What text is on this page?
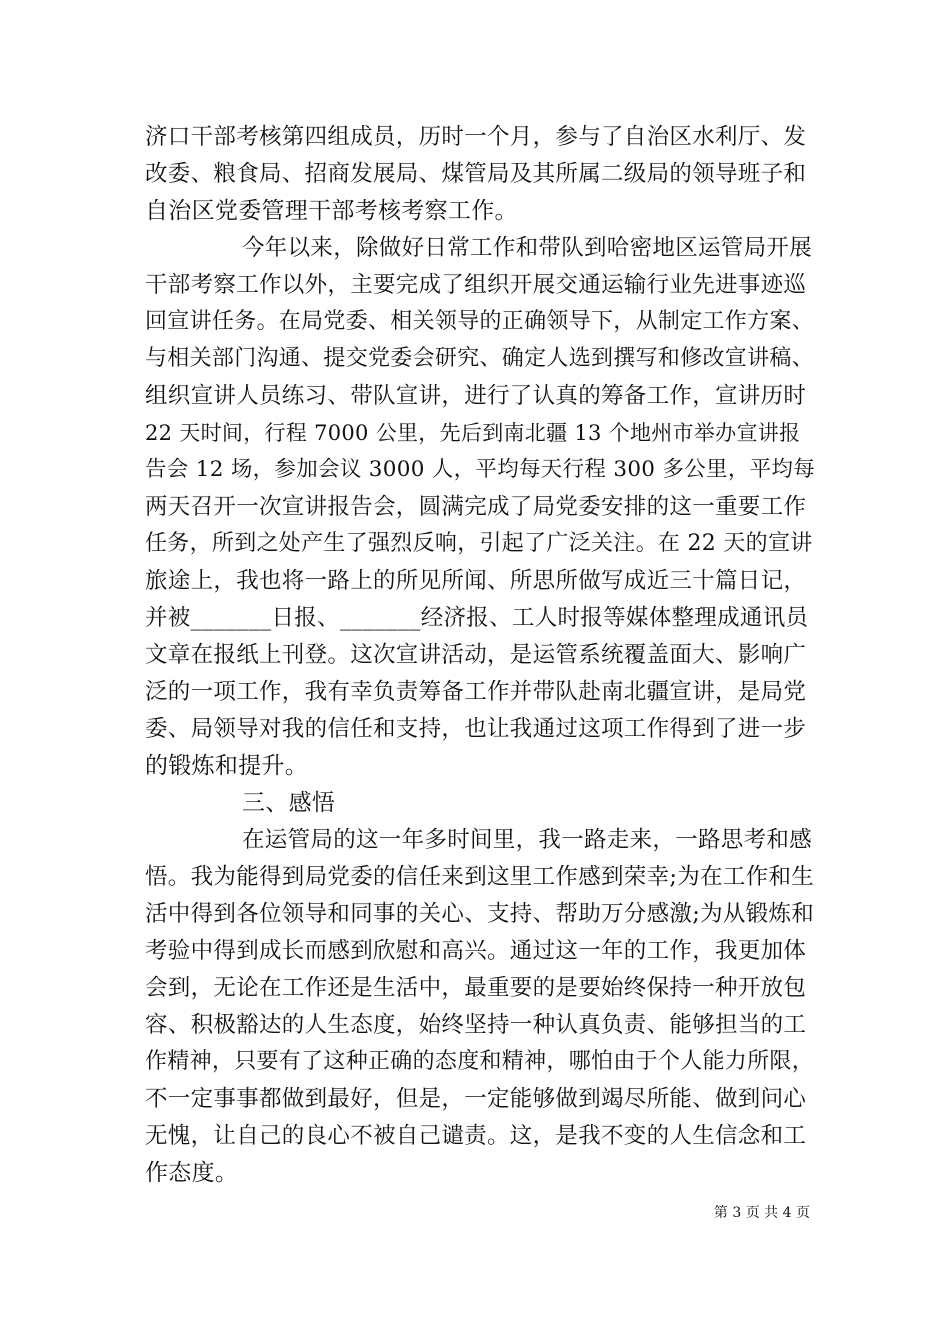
济口干部考核第四组成员，历时一个月，参与了自治区水利厅、发
改委、粮食局、招商发展局、煤管局及其所属二级局的领导班子和
自治区党委管理干部考核考察工作。
今年以来，除做好日常工作和带队到哈密地区运管局开展
干部考察工作以外，主要完成了组织开展交通运输行业先进事迹巡
回宣讲任务。在局党委、相关领导的正确领导下，从制定工作方案、
与相关部门沟通、提交党委会研究、确定人选到撰写和修改宣讲稿、
组织宣讲人员练习、带队宣讲，进行了认真的筹备工作，宣讲历时
22 天时间，行程 7000 公里，先后到南北疆 13 个地州市举办宣讲报
告会 12 场，参加会议 3000 人，平均每天行程 300 多公里，平均每
两天召开一次宣讲报告会，圆满完成了局党委安排的这一重要工作
任务，所到之处产生了强烈反响，引起了广泛关注。在 22 天的宣讲
旅途上，我也将一路上的所见所闻、所思所做写成近三十篇日记，
并被_______日报、_______经济报、工人时报等媒体整理成通讯员
文章在报纸上刊登。这次宣讲活动，是运管系统覆盖面大、影响广
泛的一项工作，我有幸负责筹备工作并带队赴南北疆宣讲，是局党
委、局领导对我的信任和支持，也让我通过这项工作得到了进一步
的锻炼和提升。
三、感悟
在运管局的这一年多时间里，我一路走来，一路思考和感
悟。我为能得到局党委的信任来到这里工作感到荣幸;为在工作和生
活中得到各位领导和同事的关心、支持、帮助万分感激;为从锻炼和
考验中得到成长而感到欣慰和高兴。通过这一年的工作，我更加体
会到，无论在工作还是生活中，最重要的是要始终保持一种开放包
容、积极豁达的人生态度，始终坚持一种认真负责、能够担当的工
作精神，只要有了这种正确的态度和精神，哪怕由于个人能力所限，
不一定事事都做到最好，但是，一定能够做到竭尽所能、做到问心
无愧，让自己的良心不被自己谴责。这，是我不变的人生信念和工
作态度。
第 3 页 共 4 页
